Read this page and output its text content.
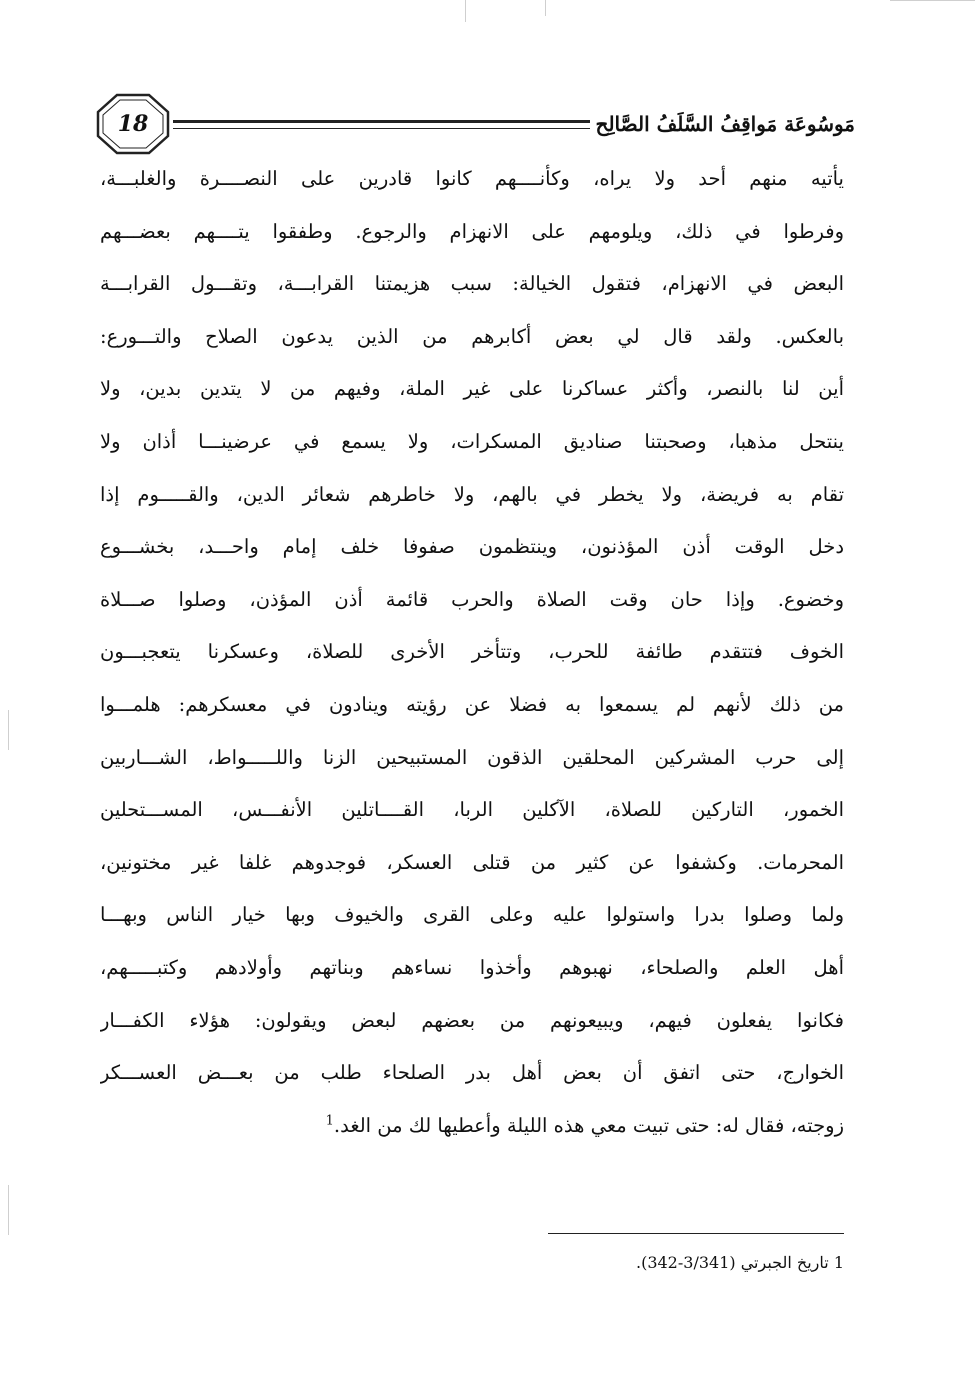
18	مَوسُوعَة مَواقِفُ السَّلَفُ الصَّالِح
يأتيه منهم أحد ولا يراه، وكأنــــهم كانوا قادرين على النصــــرة والغلبـــة،
وفرطوا في ذلك، ويلومهم على الانهزام والرجوع. وطفقوا يتــــهم بعضـــهم
البعض في الانهزام، فتقول الخيالة: سبب هزيمتنا القرابـــة، وتقـــول القرابـــة
بالعكس. ولقد قال لي بعض أكابرهم من الذين يدعون الصلاح والتـــورع:
أين لنا بالنصر، وأكثر عساكرنا على غير الملة، وفيهم من لا يتدين بدين، ولا
ينتحل مذهبا، وصحبتنا صناديق المسكرات، ولا يسمع في عرضينـــا أذان ولا
تقام به فريضة، ولا يخطر في بالهم، ولا خاطرهم شعائر الدين، والقـــــوم إذا
دخل الوقت أذن المؤذنون، وينتظمون صفوفا خلف إمام واحـــد، بخشـــوع
وخضوع. وإذا حان وقت الصلاة والحرب قائمة أذن المؤذن، وصلوا صـــلاة
الخوف فتتقدم طائفة للحرب، وتتأخر الأخرى للصلاة، وعسكرنا يتعجبـــون
من ذلك لأنهم لم يسمعوا به فضلا عن رؤيته وينادون في معسكرهم: هلمـــوا
إلى حرب المشركين المحلقين الذقون المستبيحين الزنا واللـــــواط، الشـــاربين
الخمور، التاركين للصلاة، الآكلين الربا، القــــاتلين الأنفـــس، المســـتحلين
المحرمات. وكشفوا عن كثير من قتلى العسكر، فوجدوهم غلفا غير مختونين،
ولما وصلوا بدرا واستولوا عليه وعلى القرى والخيوف وبها خيار الناس وبهـــا
أهل العلم والصلحاء، نهبوهم وأخذوا نساءهم وبناتهم وأولادهم وكتبـــــهم،
فكانوا يفعلون فيهم، ويبيعونهم من بعضهم لبعض ويقولون: هؤلاء الكفـــار
الخوارج، حتى اتفق أن بعض أهل بدر الصلحاء طلب من بعـــض العســـكر
زوجته، فقال له: حتى تبيت معي هذه الليلة وأعطيها لك من الغد.$^1$
1 تاريخ الجبرتي (3/341-342).
